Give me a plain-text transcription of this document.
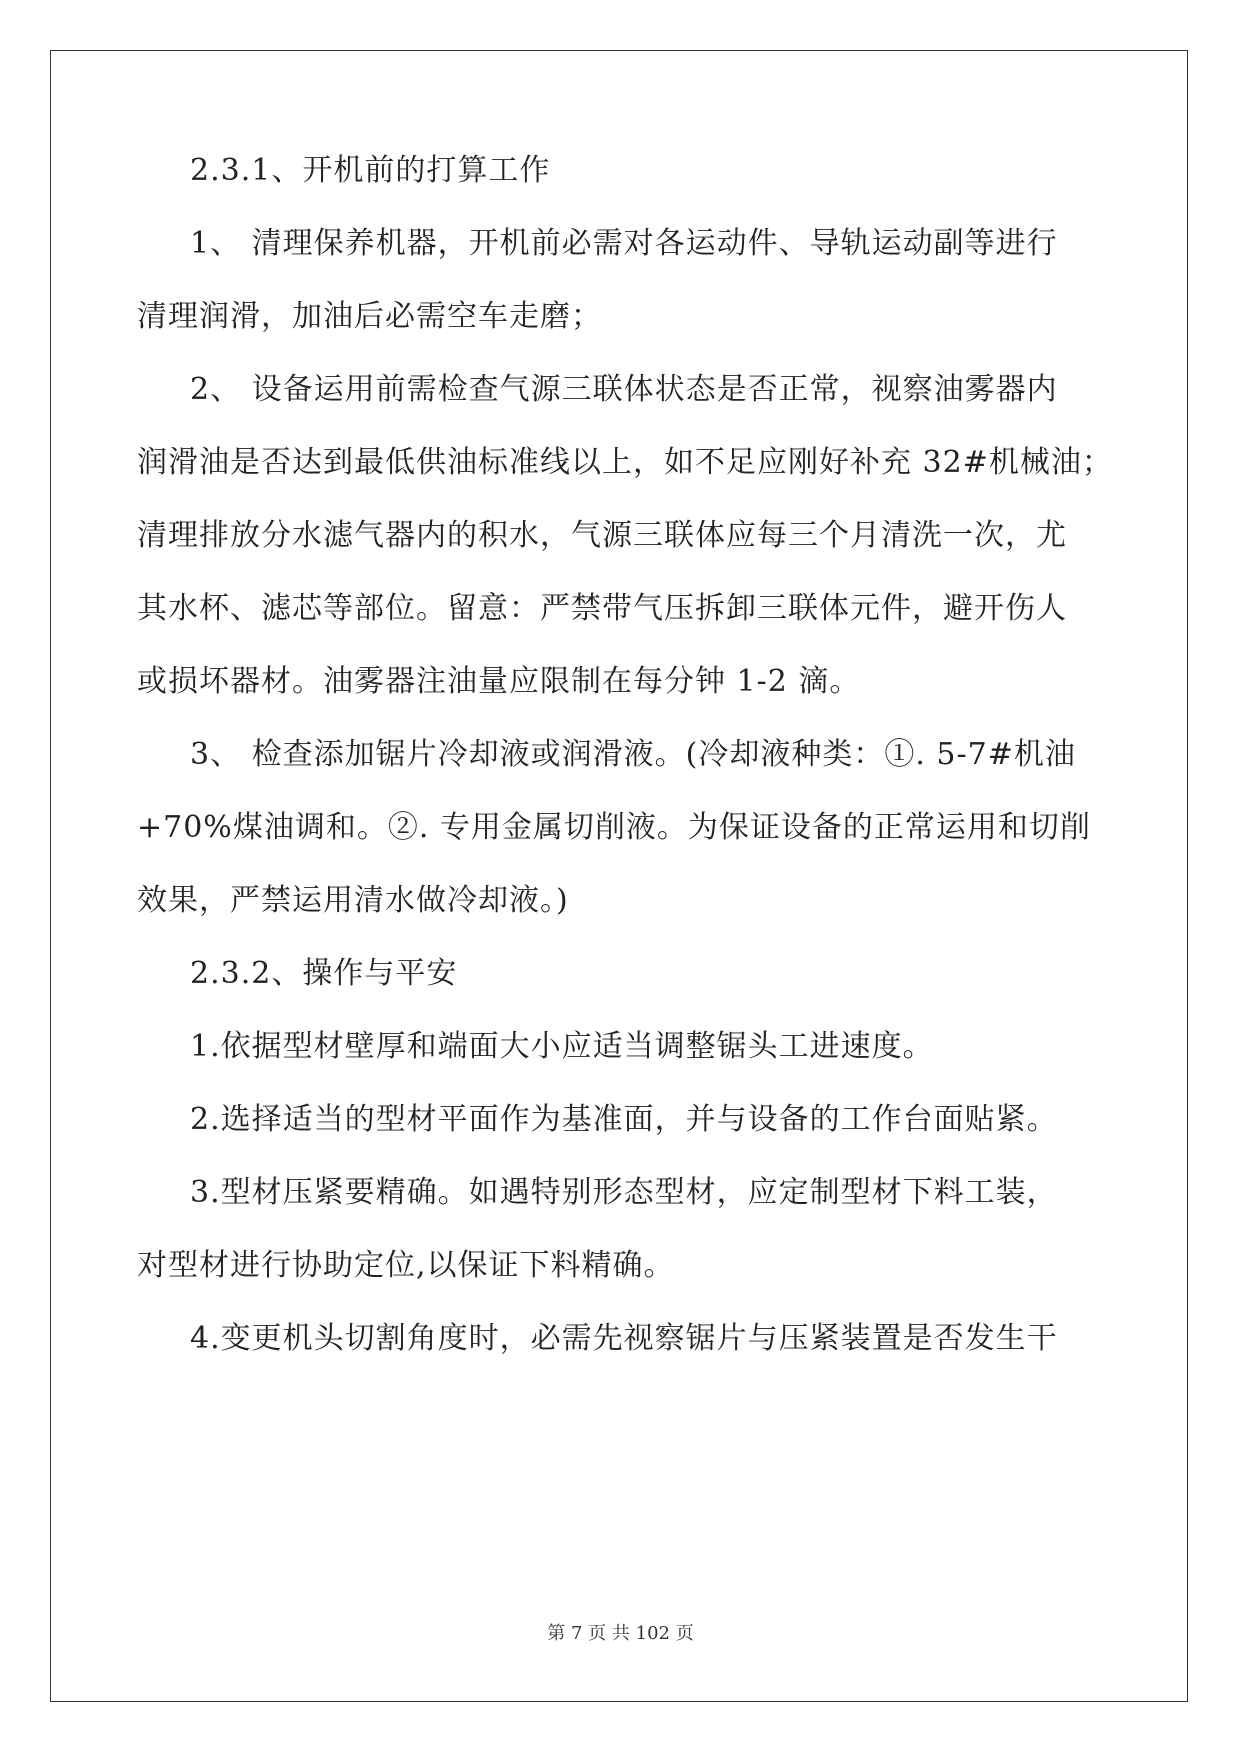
2.3.1、开机前的打算工作
1、 清理保养机器，开机前必需对各运动件、导轨运动副等进行
清理润滑，加油后必需空车走磨；
2、 设备运用前需检查气源三联体状态是否正常，视察油雾器内
润滑油是否达到最低供油标准线以上，如不足应刚好补充 32#机械油；
清理排放分水滤气器内的积水，气源三联体应每三个月清洗一次，尤
其水杯、滤芯等部位。留意：严禁带气压拆卸三联体元件，避开伤人
或损坏器材。油雾器注油量应限制在每分钟 1-2 滴。
3、 检查添加锯片冷却液或润滑液。(冷却液种类：①. 5-7#机油
+70%煤油调和。②. 专用金属切削液。为保证设备的正常运用和切削
效果，严禁运用清水做冷却液。)
2.3.2、操作与平安
1.依据型材壁厚和端面大小应适当调整锯头工进速度。
2.选择适当的型材平面作为基准面，并与设备的工作台面贴紧。
3.型材压紧要精确。如遇特别形态型材，应定制型材下料工装，
对型材进行协助定位,以保证下料精确。
4.变更机头切割角度时，必需先视察锯片与压紧装置是否发生干
第 7 页 共 102 页
